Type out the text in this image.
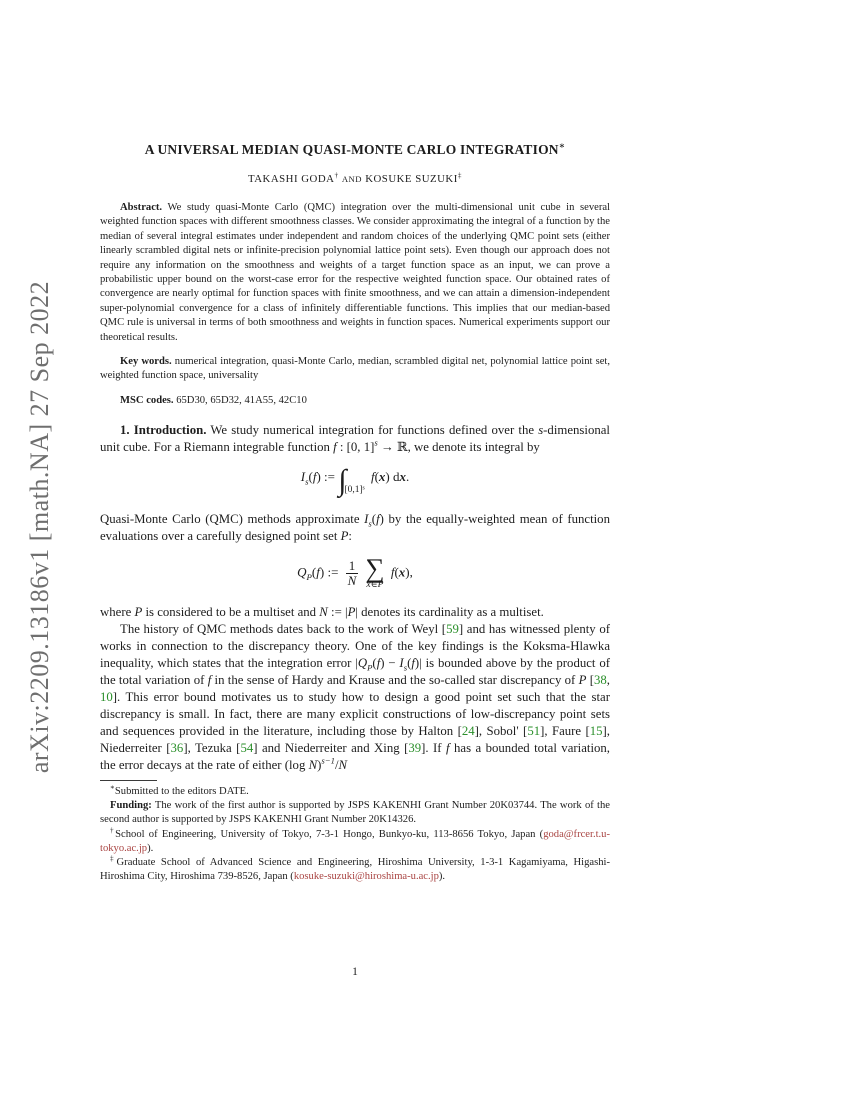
arXiv:2209.13186v1 [math.NA] 27 Sep 2022
A UNIVERSAL MEDIAN QUASI-MONTE CARLO INTEGRATION∗
TAKASHI GODA† AND KOSUKE SUZUKI‡
Abstract. We study quasi-Monte Carlo (QMC) integration over the multi-dimensional unit cube in several weighted function spaces with different smoothness classes. We consider approximating the integral of a function by the median of several integral estimates under independent and random choices of the underlying QMC point sets (either linearly scrambled digital nets or infinite-precision polynomial lattice point sets). Even though our approach does not require any information on the smoothness and weights of a target function space as an input, we can prove a probabilistic upper bound on the worst-case error for the respective weighted function space. Our obtained rates of convergence are nearly optimal for function spaces with finite smoothness, and we can attain a dimension-independent super-polynomial convergence for a class of infinitely differentiable functions. This implies that our median-based QMC rule is universal in terms of both smoothness and weights in function spaces. Numerical experiments support our theoretical results.
Key words. numerical integration, quasi-Monte Carlo, median, scrambled digital net, polynomial lattice point set, weighted function space, universality
MSC codes. 65D30, 65D32, 41A55, 42C10
1. Introduction. We study numerical integration for functions defined over the s-dimensional unit cube. For a Riemann integrable function f : [0, 1]$^s$ → ℝ, we denote its integral by
$I_s(f)$ := $\int_{[0,1]ˢ}$ f(x) dx.
Quasi-Monte Carlo (QMC) methods approximate $I_s(f)$ by the equally-weighted mean of function evaluations over a carefully designed point set P:
$Q_P(f)$ := $\frac{1}{N}$ ∑
x∈P
f(x),
where P is considered to be a multiset and N := |P| denotes its cardinality as a multiset.
The history of QMC methods dates back to the work of Weyl [59] and has witnessed plenty of works in connection to the discrepancy theory. One of the key findings is the Koksma-Hlawka inequality, which states that the integration error $|Q_P(f) - I_s(f)|$ is bounded above by the product of the total variation of f in the sense of Hardy and Krause and the so-called star discrepancy of P [38, 10]. This error bound motivates us to study how to design a good point set such that the star discrepancy is small. In fact, there are many explicit constructions of low-discrepancy point sets and sequences provided in the literature, including those by Halton [24], Sobol' [51], Faure [15], Niederreiter [36], Tezuka [54] and Niederreiter and Xing [39]. If f has a bounded total variation, the error decays at the rate of either (log N)$^{s-1}$/N
∗Submitted to the editors DATE.
Funding: The work of the first author is supported by JSPS KAKENHI Grant Number 20K03744. The work of the second author is supported by JSPS KAKENHI Grant Number 20K14326.
†School of Engineering, University of Tokyo, 7-3-1 Hongo, Bunkyo-ku, 113-8656 Tokyo, Japan (goda@frcer.t.u-tokyo.ac.jp).
‡Graduate School of Advanced Science and Engineering, Hiroshima University, 1-3-1 Kagamiyama, Higashi-Hiroshima City, Hiroshima 739-8526, Japan (kosuke-suzuki@hiroshima-u.ac.jp).
1
